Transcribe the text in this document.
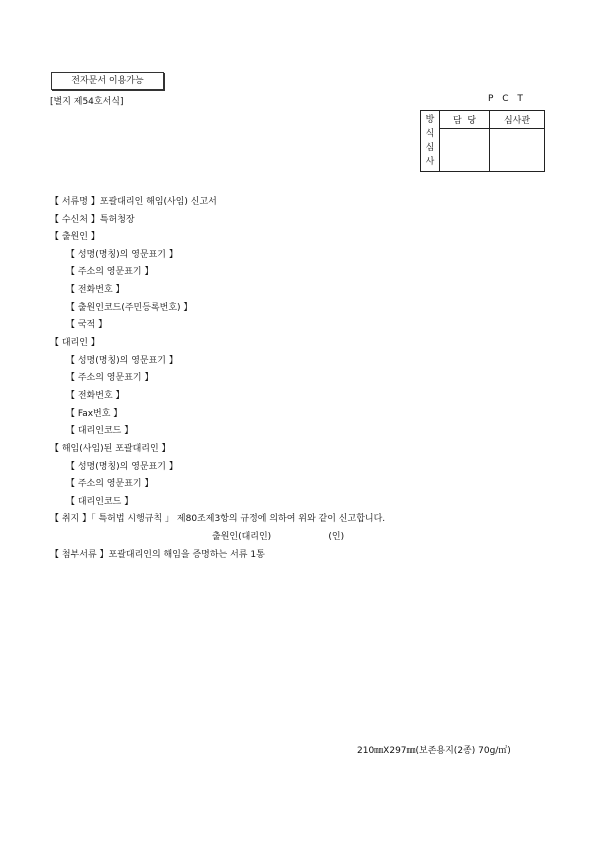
전자문서 이용가능
[별지 제54호서식]	P C T
방
식
심
사	담  당	심사관

【 서류명 】포괄대리인 해임(사임) 신고서
【 수신처 】특허청장
【 출원인 】
【 성명(명칭)의 영문표기 】
【 주소의 영문표기 】
【 전화번호 】
【 출원인코드(주민등록번호) 】
【 국적 】
【 대리인 】
【 성명(명칭)의 영문표기 】
【 주소의 영문표기 】
【 전화번호 】
【 Fax번호 】
【 대리인코드 】
【 해임(사임)된 포괄대리인 】
【 성명(명칭)의 영문표기 】
【 주소의 영문표기 】
【 대리인코드 】
【 취지 】「 특허법 시행규칙 」 제80조제3항의 규정에 의하여 위와 같이 신고합니다.
출원인(대리인)                    (인)
【 첨부서류 】포괄대리인의 해임을 증명하는 서류 1통
210㎜X297㎜(보존용지(2종) 70g/㎡)
